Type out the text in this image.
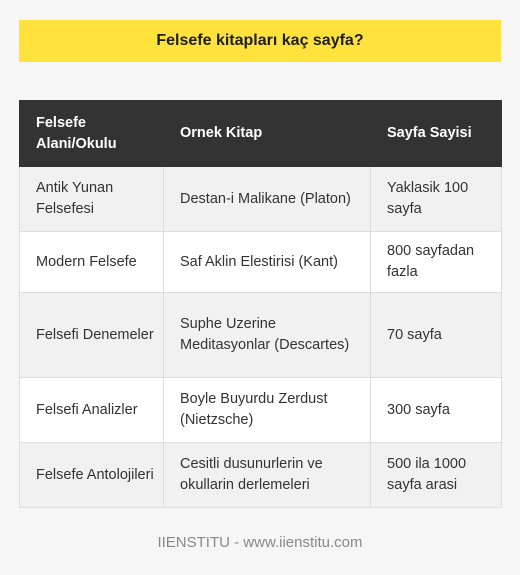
Felsefe kitapları kaç sayfa?
Felsefe Alani/Okulu	Ornek Kitap	Sayfa Sayisi
Antik Yunan Felsefesi	Destan-i Malikane (Platon)	Yaklasik 100 sayfa
Modern Felsefe	Saf Aklin Elestirisi (Kant)	800 sayfadan fazla
Felsefi Denemeler	Suphe Uzerine Meditasyonlar (Descartes)	70 sayfa
Felsefi Analizler	Boyle Buyurdu Zerdust (Nietzsche)	300 sayfa
Felsefe Antolojileri	Cesitli dusunurlerin ve okullarin derlemeleri	500 ila 1000 sayfa arasi
IIENSTITU - www.iienstitu.com
